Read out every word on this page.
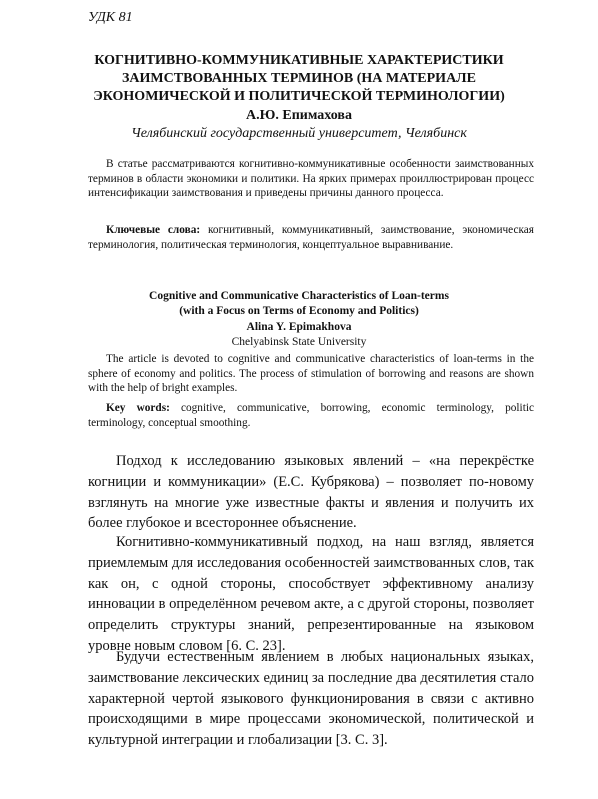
УДК 81
КОГНИТИВНО-КОММУНИКАТИВНЫЕ ХАРАКТЕРИСТИКИ
ЗАИМСТВОВАННЫХ ТЕРМИНОВ (НА МАТЕРИАЛЕ
ЭКОНОМИЧЕСКОЙ И ПОЛИТИЧЕСКОЙ ТЕРМИНОЛОГИИ)
А.Ю. Епимахова
Челябинский государственный университет, Челябинск

В статье рассматриваются когнитивно-коммуникативные особенности заимствованных терминов в области экономики и политики. На ярких примерах проиллюстрирован процесс интенсификации заимствования и приведены причины данного процесса.

Ключевые слова: когнитивный, коммуникативный, заимствование, экономическая терминология, политическая терминология, концептуальное выравнивание.

Cognitive and Communicative Characteristics of Loan-terms
(with a Focus on Terms of Economy and Politics)
Alina Y. Epimakhova
Chelyabinsk State University

The article is devoted to cognitive and communicative characteristics of loan-terms in the sphere of economy and politics. The process of stimulation of borrowing and reasons are shown with the help of bright examples.

Key words: cognitive, communicative, borrowing, economic terminology, politic terminology, conceptual smoothing.

Подход к исследованию языковых явлений – «на перекрёстке когниции и коммуникации» (Е.С. Кубрякова) – позволяет по-новому взглянуть на многие уже известные факты и явления и получить их более глубокое и всестороннее объяснение.

Когнитивно-коммуникативный подход, на наш взгляд, является приемлемым для исследования особенностей заимствованных слов, так как он, с одной стороны, способствует эффективному анализу инновации в определённом речевом акте, а с другой стороны, позволяет определить структуры знаний, репрезентированные на языковом уровне новым словом [6. С. 23].

Будучи естественным явлением в любых национальных языках, заимствование лексических единиц за последние два десятилетия стало характерной чертой языкового функционирования в связи с активно происходящими в мире процессами экономической, политической и культурной интеграции и глобализации [3. С. 3].
